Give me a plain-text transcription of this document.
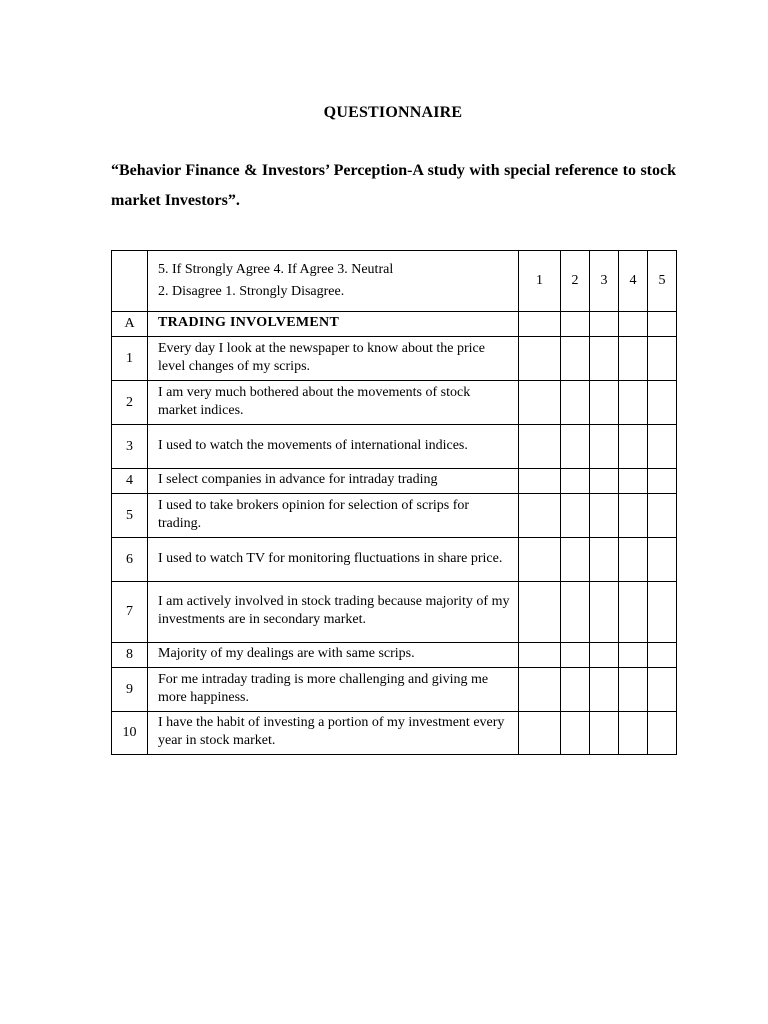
QUESTIONNAIRE
“Behavior Finance & Investors’ Perception-A study with special reference to stock market Investors”.

	5. If Strongly Agree 4. If Agree 3. Neutral
2. Disagree 1. Strongly Disagree.	1	2	3	4	5
A	TRADING INVOLVEMENT					
1	Every day I look at the newspaper to know about the price level changes of my scrips.					
2	I am very much bothered about the movements of stock market indices.					
3	I used to watch the movements of international indices.					
4	I select companies in advance for intraday trading					
5	I used to take brokers opinion for selection of scrips for trading.					
6	I used to watch TV for monitoring fluctuations in share price.					
7	I am actively involved in stock trading because majority of my investments are in secondary market.					
8	Majority of my dealings are with same scrips.					
9	For me intraday trading is more challenging and giving me more happiness.					
10	I have the habit of investing a portion of my investment every year in stock market.					
